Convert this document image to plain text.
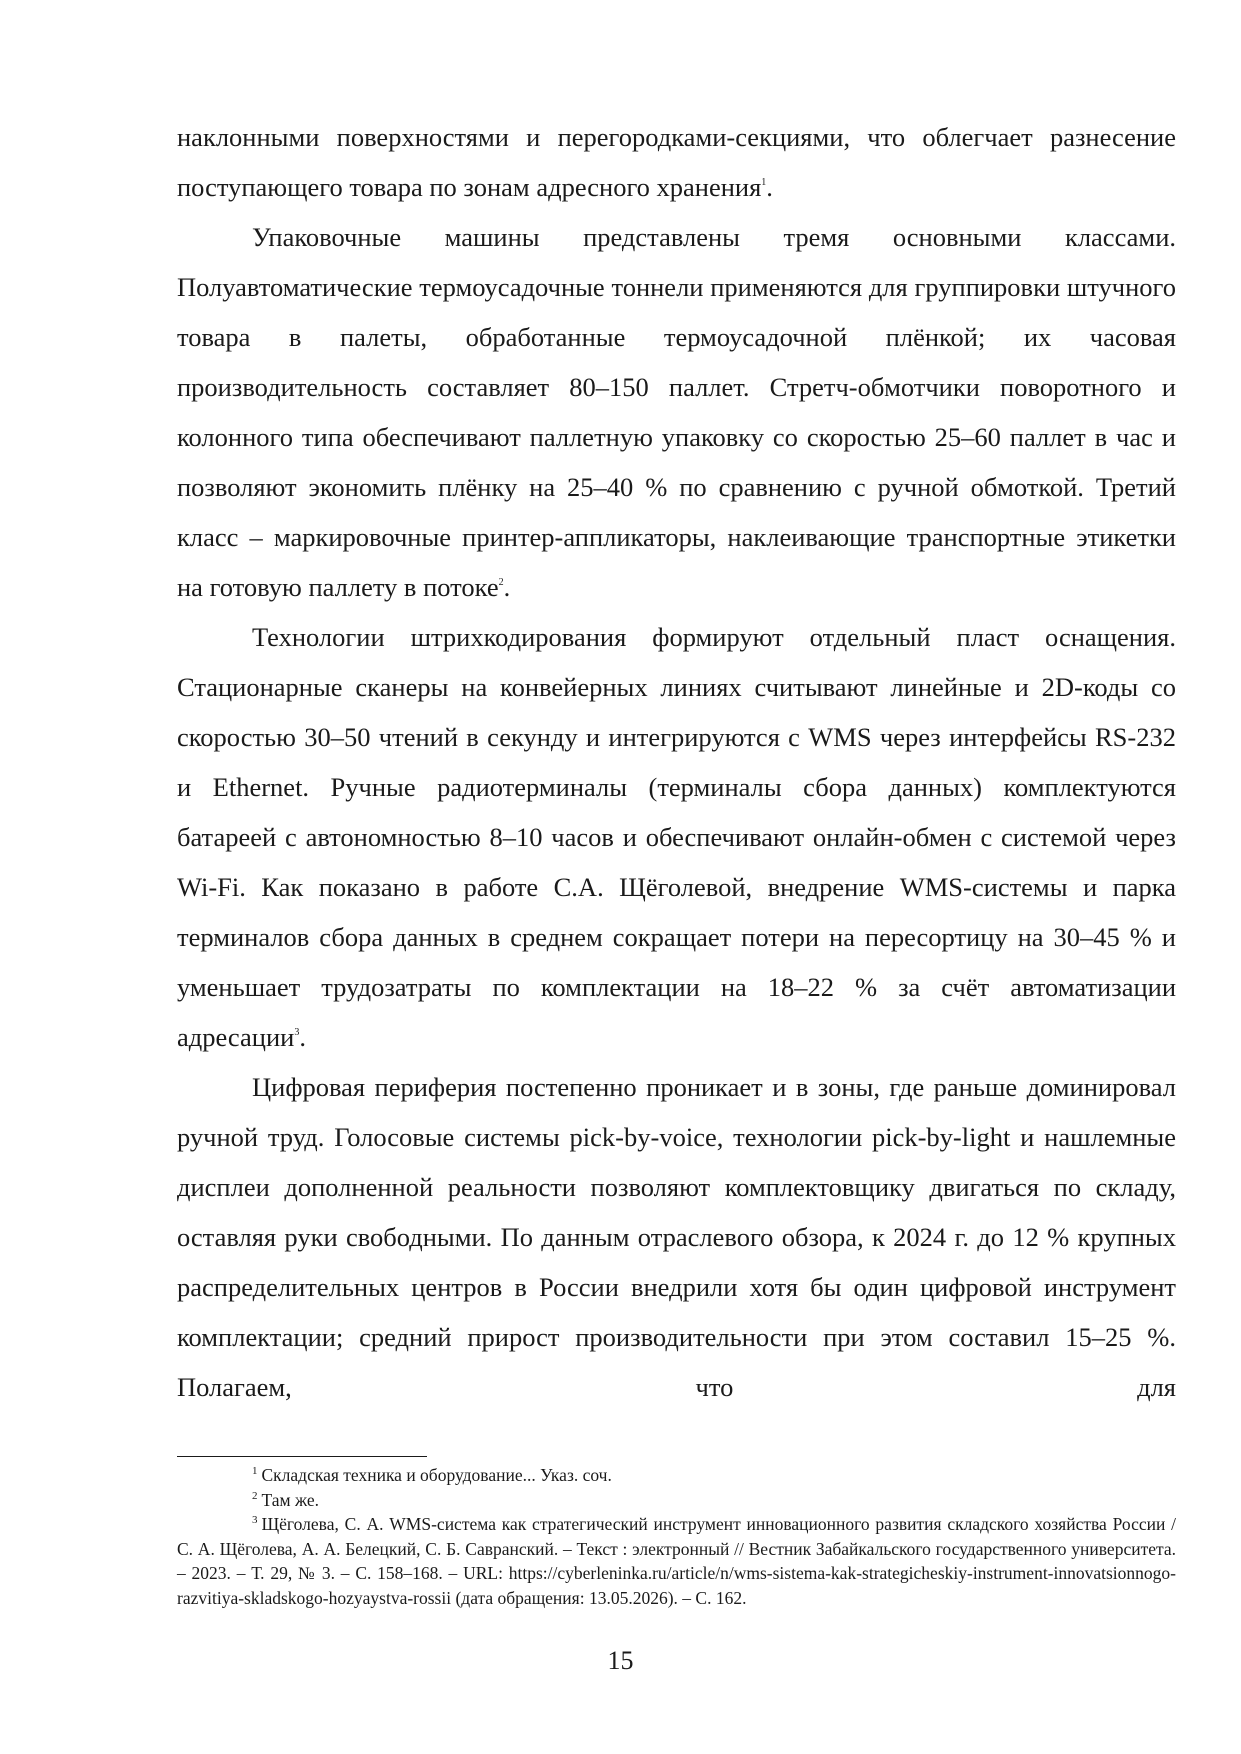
наклонными поверхностями и перегородками-секциями, что облегчает разнесение поступающего товара по зонам адресного хранения$^1$.

Упаковочные машины представлены тремя основными классами. Полуавтоматические термоусадочные тоннели применяются для группировки штучного товара в палеты, обработанные термоусадочной плёнкой; их часовая производительность составляет 80–150 паллет. Стретч-обмотчики поворотного и колонного типа обеспечивают паллетную упаковку со скоростью 25–60 паллет в час и позволяют экономить плёнку на 25–40 % по сравнению с ручной обмоткой. Третий класс – маркировочные принтер-аппликаторы, наклеивающие транспортные этикетки на готовую паллету в потоке$^2$.

Технологии штрихкодирования формируют отдельный пласт оснащения. Стационарные сканеры на конвейерных линиях считывают линейные и 2D-коды со скоростью 30–50 чтений в секунду и интегрируются с WMS через интерфейсы RS-232 и Ethernet. Ручные радиотерминалы (терминалы сбора данных) комплектуются батареей с автономностью 8–10 часов и обеспечивают онлайн-обмен с системой через Wi-Fi. Как показано в работе С.А. Щёголевой, внедрение WMS-системы и парка терминалов сбора данных в среднем сокращает потери на пересортицу на 30–45 % и уменьшает трудозатраты по комплектации на 18–22 % за счёт автоматизации адресации$^3$.

Цифровая периферия постепенно проникает и в зоны, где раньше доминировал ручной труд. Голосовые системы pick-by-voice, технологии pick-by-light и нашлемные дисплеи дополненной реальности позволяют комплектовщику двигаться по складу, оставляя руки свободными. По данным отраслевого обзора, к 2024 г. до 12 % крупных распределительных центров в России внедрили хотя бы один цифровой инструмент комплектации; средний прирост производительности при этом составил 15–25 %. Полагаем, что для

$^1$ Складская техника и оборудование... Указ. соч.

$^2$ Там же.

$^3$ Щёголева, С. А. WMS-система как стратегический инструмент инновационного развития складского хозяйства России / С. А. Щёголева, А. А. Белецкий, С. Б. Савранский. – Текст : электронный // Вестник Забайкальского государственного университета. – 2023. – Т. 29, № 3. – С. 158–168. – URL: https://cyberleninka.ru/article/n/wms-sistema-kak-strategicheskiy-instrument-innovatsionnogo-razvitiya-skladskogo-hozyaystva-rossii (дата обращения: 13.05.2026). – С. 162.

15
